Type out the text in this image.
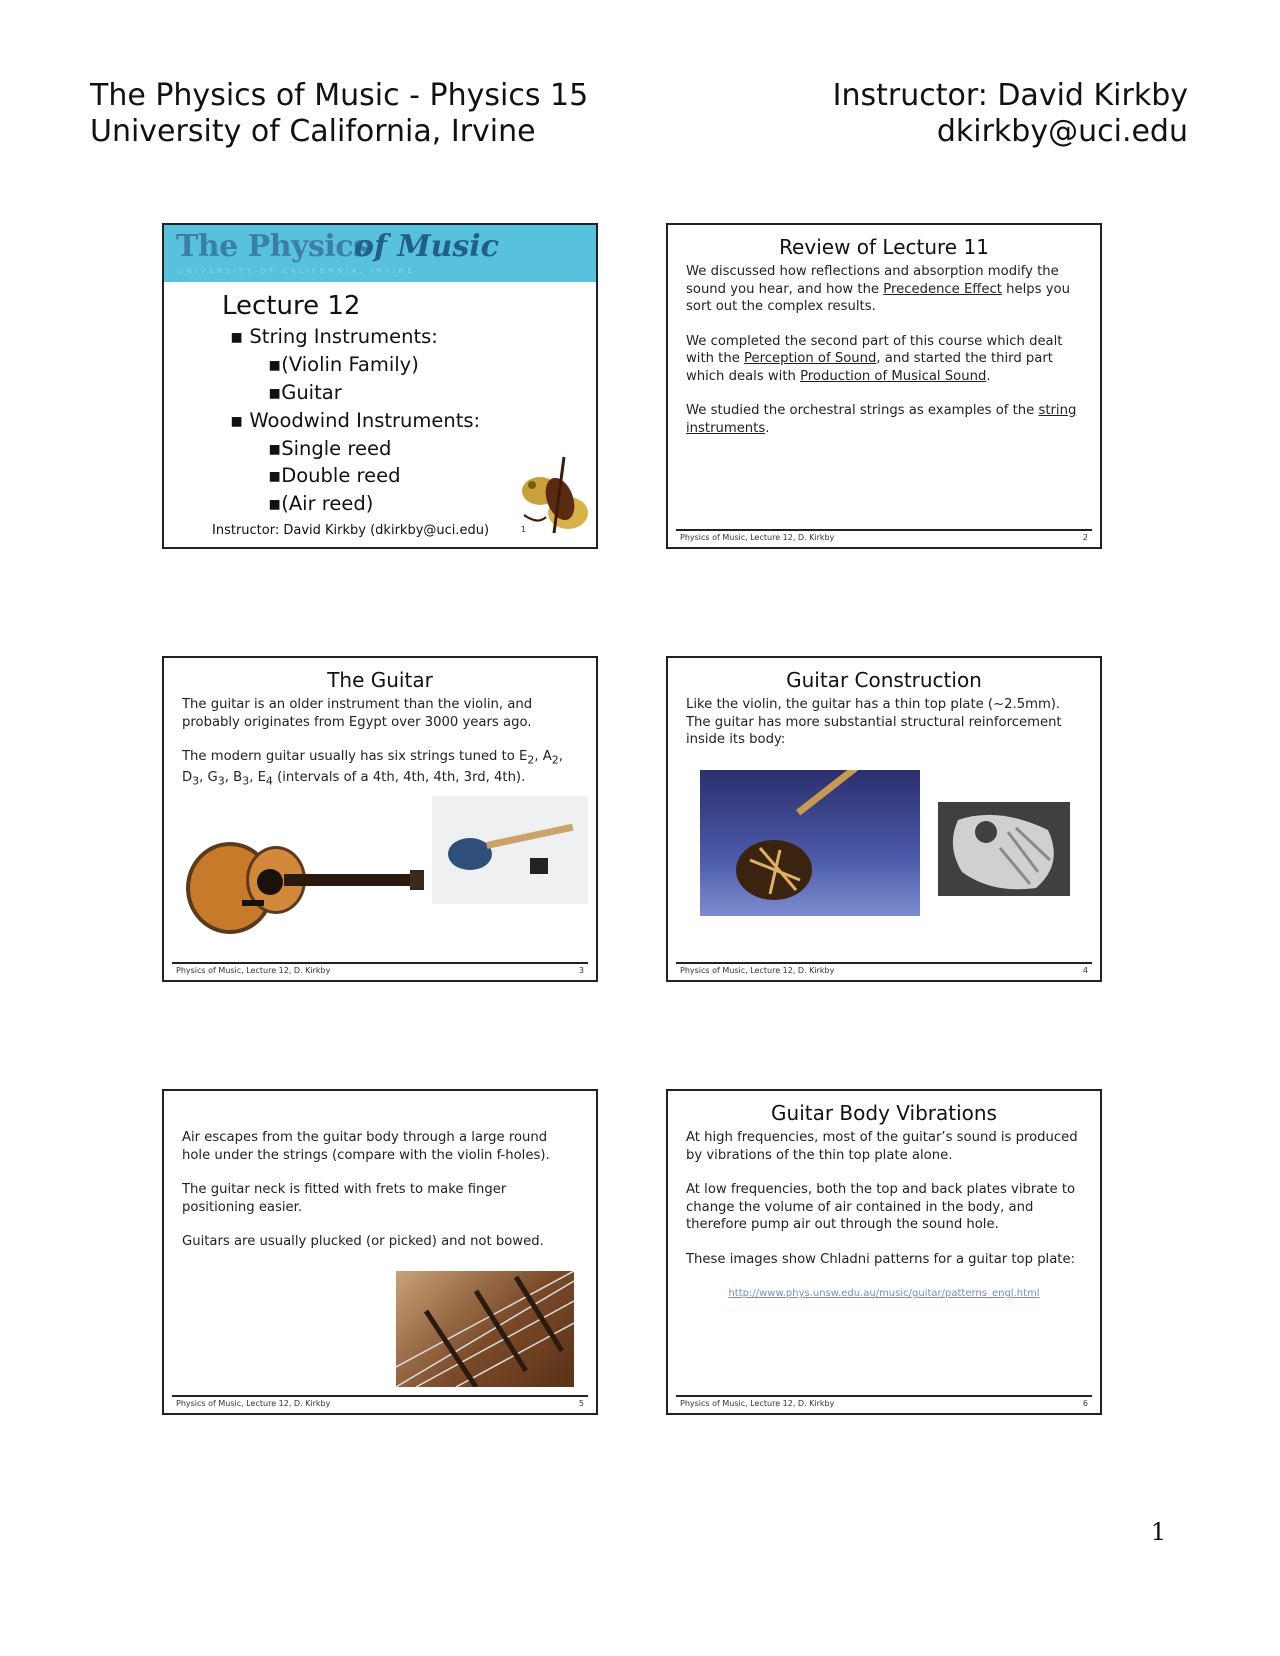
The Physics of Music - Physics 15
University of California, Irvine
Instructor: David Kirkby
dkirkby@uci.edu
The Physics
of Music
UNIVERSITY OF CALIFORNIA, IRVINE
Lecture 12
▪ String Instruments:
▪(Violin Family)
▪Guitar
▪ Woodwind Instruments:
▪Single reed
▪Double reed
▪(Air reed)
Instructor: David Kirkby (dkirkby@uci.edu)	1
Review of Lecture 11

We discussed how reflections and absorption modify the sound you hear, and how the Precedence Effect helps you sort out the complex results.

We completed the second part of this course which dealt with the Perception of Sound, and started the third part which deals with Production of Musical Sound.

We studied the orchestral strings as examples of the string instruments.

Physics of Music, Lecture 12, D. Kirkby	2
The Guitar

The guitar is an older instrument than the violin, and probably originates from Egypt over 3000 years ago.

The modern guitar usually has six strings tuned to $E_2$, $A_2$, $D_3$, $G_3$, $B_3$, $E_4$ (intervals of a 4th, 4th, 4th, 3rd, 4th).

Physics of Music, Lecture 12, D. Kirkby	3
Guitar Construction

Like the violin, the guitar has a thin top plate (~2.5mm). The guitar has more substantial structural reinforcement inside its body:

Physics of Music, Lecture 12, D. Kirkby	4

Air escapes from the guitar body through a large round hole under the strings (compare with the violin f-holes).

The guitar neck is fitted with frets to make finger positioning easier.

Guitars are usually plucked (or picked) and not bowed.

Physics of Music, Lecture 12, D. Kirkby	5
Guitar Body Vibrations

At high frequencies, most of the guitar’s sound is produced by vibrations of the thin top plate alone.

At low frequencies, both the top and back plates vibrate to change the volume of air contained in the body, and therefore pump air out through the sound hole.

These images show Chladni patterns for a guitar top plate:

http://www.phys.unsw.edu.au/music/guitar/patterns_engl.html

Physics of Music, Lecture 12, D. Kirkby	6
1
